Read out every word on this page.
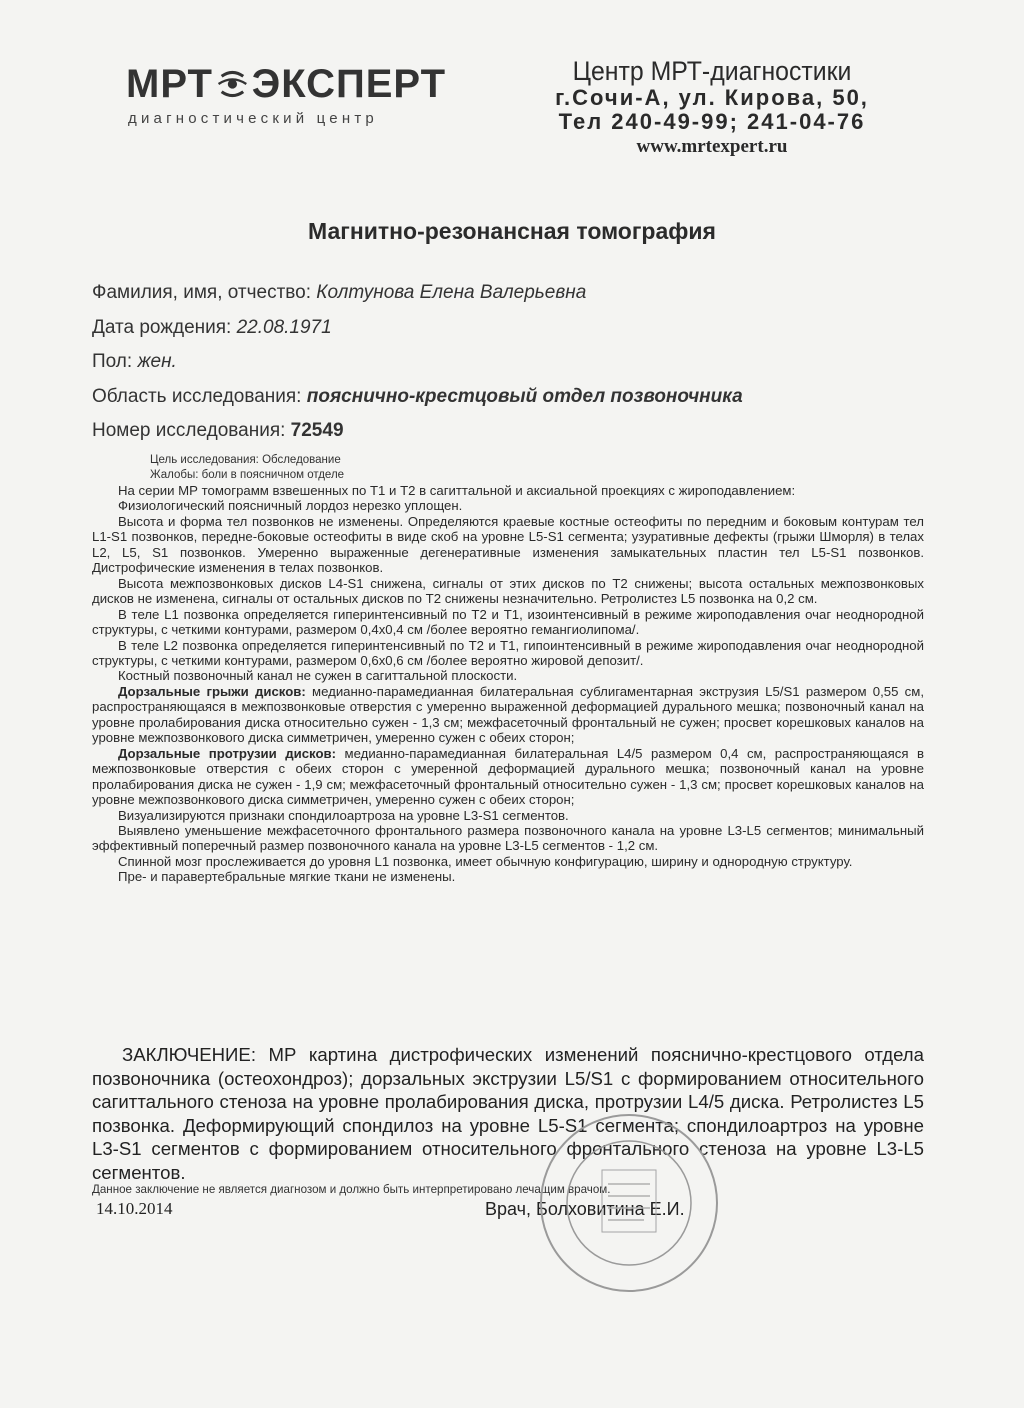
МРТ ЭКСПЕРТ
диагностический центр
Центр МРТ-диагностики
г.Сочи-А, ул. Кирова, 50,
Тел 240-49-99; 241-04-76
www.mrtexpert.ru
Магнитно-резонансная томография
Фамилия, имя, отчество: Колтунова Елена Валерьевна
Дата рождения: 22.08.1971
Пол: жен.
Область исследования: пояснично-крестцовый отдел позвоночника
Номер исследования: 72549
Цель исследования: Обследование
Жалобы: боли в поясничном отделе

На серии МР томограмм взвешенных по Т1 и Т2 в сагиттальной и аксиальной проекциях с жироподавлением:

Физиологический поясничный лордоз нерезко уплощен.

Высота и форма тел позвонков не изменены. Определяются краевые костные остеофиты по передним и боковым контурам тел L1-S1 позвонков, передне-боковые остеофиты в виде скоб на уровне L5-S1 сегмента; узуративные дефекты (грыжи Шморля) в телах L2, L5, S1 позвонков. Умеренно выраженные дегенеративные изменения замыкательных пластин тел L5-S1 позвонков. Дистрофические изменения в телах позвонков.

Высота межпозвонковых дисков L4-S1 снижена, сигналы от этих дисков по Т2 снижены; высота остальных межпозвонковых дисков не изменена, сигналы от остальных дисков по Т2 снижены незначительно. Ретролистез L5 позвонка на 0,2 см.

В теле L1 позвонка определяется гиперинтенсивный по Т2 и Т1, изоинтенсивный в режиме жироподавления очаг неоднородной структуры, с четкими контурами, размером 0,4х0,4 см /более вероятно гемангиолипома/.

В теле L2 позвонка определяется гиперинтенсивный по Т2 и Т1, гипоинтенсивный в режиме жироподавления очаг неоднородной структуры, с четкими контурами, размером 0,6х0,6 см /более вероятно жировой депозит/.

Костный позвоночный канал не сужен в сагиттальной плоскости.

Дорзальные грыжи дисков: медианно-парамедианная билатеральная сублигаментарная экструзия L5/S1 размером 0,55 см, распространяющаяся в межпозвонковые отверстия с умеренно выраженной деформацией дурального мешка; позвоночный канал на уровне пролабирования диска относительно сужен - 1,3 см; межфасеточный фронтальный не сужен; просвет корешковых каналов на уровне межпозвонкового диска симметричен, умеренно сужен с обеих сторон;

Дорзальные протрузии дисков: медианно-парамедианная билатеральная L4/5 размером 0,4 см, распространяющаяся в межпозвонковые отверстия с обеих сторон с умеренной деформацией дурального мешка; позвоночный канал на уровне пролабирования диска не сужен - 1,9 см; межфасеточный фронтальный относительно сужен - 1,3 см; просвет корешковых каналов на уровне межпозвонкового диска симметричен, умеренно сужен с обеих сторон;

Визуализируются признаки спондилоартроза на уровне L3-S1 сегментов.

Выявлено уменьшение межфасеточного фронтального размера позвоночного канала на уровне L3-L5 сегментов; минимальный эффективный поперечный размер позвоночного канала на уровне L3-L5 сегментов - 1,2 см.

Спинной мозг прослеживается до уровня L1 позвонка, имеет обычную конфигурацию, ширину и однородную структуру.

Пре- и паравертебральные мягкие ткани не изменены.

ЗАКЛЮЧЕНИЕ: МР картина дистрофических изменений пояснично-крестцового отдела позвоночника (остеохондроз); дорзальных экструзии L5/S1 с формированием относительного сагиттального стеноза на уровне пролабирования диска, протрузии L4/5 диска. Ретролистез L5 позвонка. Деформирующий спондилоз на уровне L5-S1 сегмента; спондилоартроз на уровне L3-S1 сегментов с формированием относительного фронтального стеноза на уровне L3-L5 сегментов.

Данное заключение не является диагнозом и должно быть интерпретировано лечащим врачом.
14.10.2014	Врач, Болховитина Е.И.
